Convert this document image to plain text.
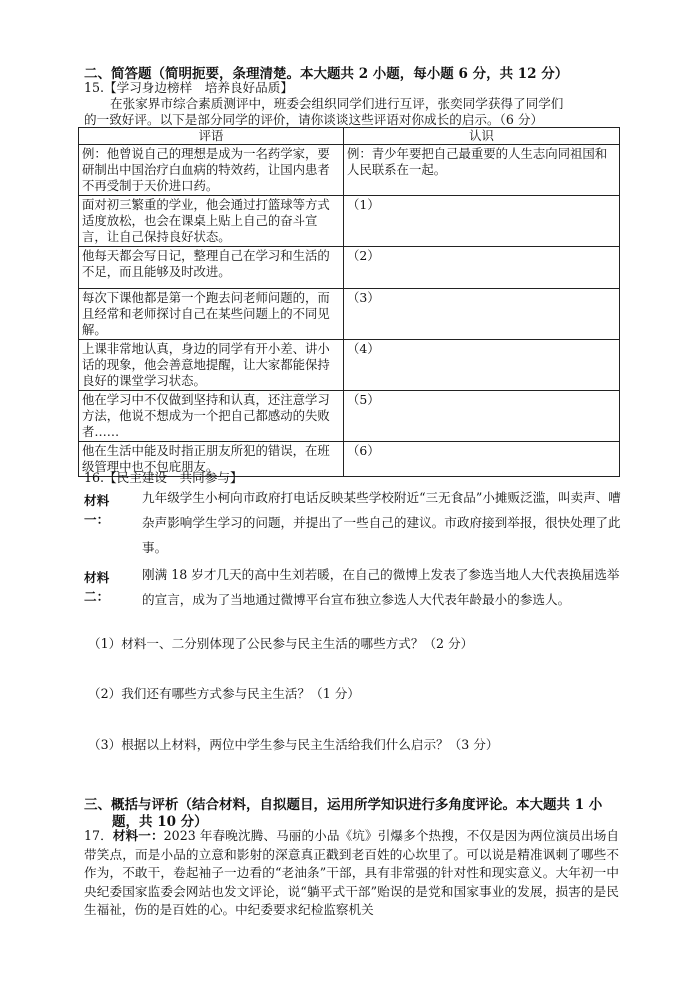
二、简答题（简明扼要，条理清楚。本大题共 2 小题，每小题 6 分，共 12 分）
15.【学习身边榜样　培养良好品质】
在张家界市综合素质测评中，班委会组织同学们进行互评，张奕同学获得了同学们
的一致好评。以下是部分同学的评价，请你谈谈这些评语对你成长的启示。（6 分）
评语	认识
例：他曾说自己的理想是成为一名药学家，要研制出中国治疗白血病的特效药，让国内患者不再受制于天价进口药。	例：青少年要把自己最重要的人生志向同祖国和人民联系在一起。
面对初三繁重的学业，他会通过打篮球等方式适度放松，也会在课桌上贴上自己的奋斗宣言，让自己保持良好状态。	（1）
他每天都会写日记，整理自己在学习和生活的不足，而且能够及时改进。	（2）
每次下课他都是第一个跑去问老师问题的，而且经常和老师探讨自己在某些问题上的不同见解。	（3）
上课非常地认真，身边的同学有开小差、讲小话的现象，他会善意地提醒，让大家都能保持良好的课堂学习状态。	（4）
他在学习中不仅做到坚持和认真，还注意学习方法，他说不想成为一个把自己都感动的失败者……	（5）
他在生活中能及时指正朋友所犯的错误，在班级管理中也不包庇朋友。	（6）
16.【民主建设　共同参与】
材料一：
九年级学生小柯向市政府打电话反映某些学校附近“三无食品”小摊贩泛滥，叫卖声、嘈杂声影响学生学习的问题，并提出了一些自己的建议。市政府接到举报，很快处理了此事。
材料二：
刚满 18 岁才几天的高中生刘若暖，在自己的微博上发表了参选当地人大代表换届选举的宣言，成为了当地通过微博平台宣布独立参选人大代表年龄最小的参选人。
（1）材料一、二分别体现了公民参与民主生活的哪些方式？（2 分）
（2）我们还有哪些方式参与民主生活？（1 分）
（3）根据以上材料，两位中学生参与民主生活给我们什么启示？（3 分）
三、概括与评析（结合材料，自拟题目，运用所学知识进行多角度评论。本大题共 1 小
题，共 10 分）
17．材料一：2023 年春晚沈腾、马丽的小品《坑》引爆多个热搜，不仅是因为两位演员出场自带笑点，而是小品的立意和影射的深意真正戳到老百姓的心坎里了。可以说是精准讽刺了哪些不作为，不敢干，卷起袖子一边看的“老油条”干部，具有非常强的针对性和现实意义。大年初一中央纪委国家监委会网站也发文评论，说“躺平式干部”贻误的是党和国家事业的发展，损害的是民生福祉，伤的是百姓的心。中纪委要求纪检监察机关
